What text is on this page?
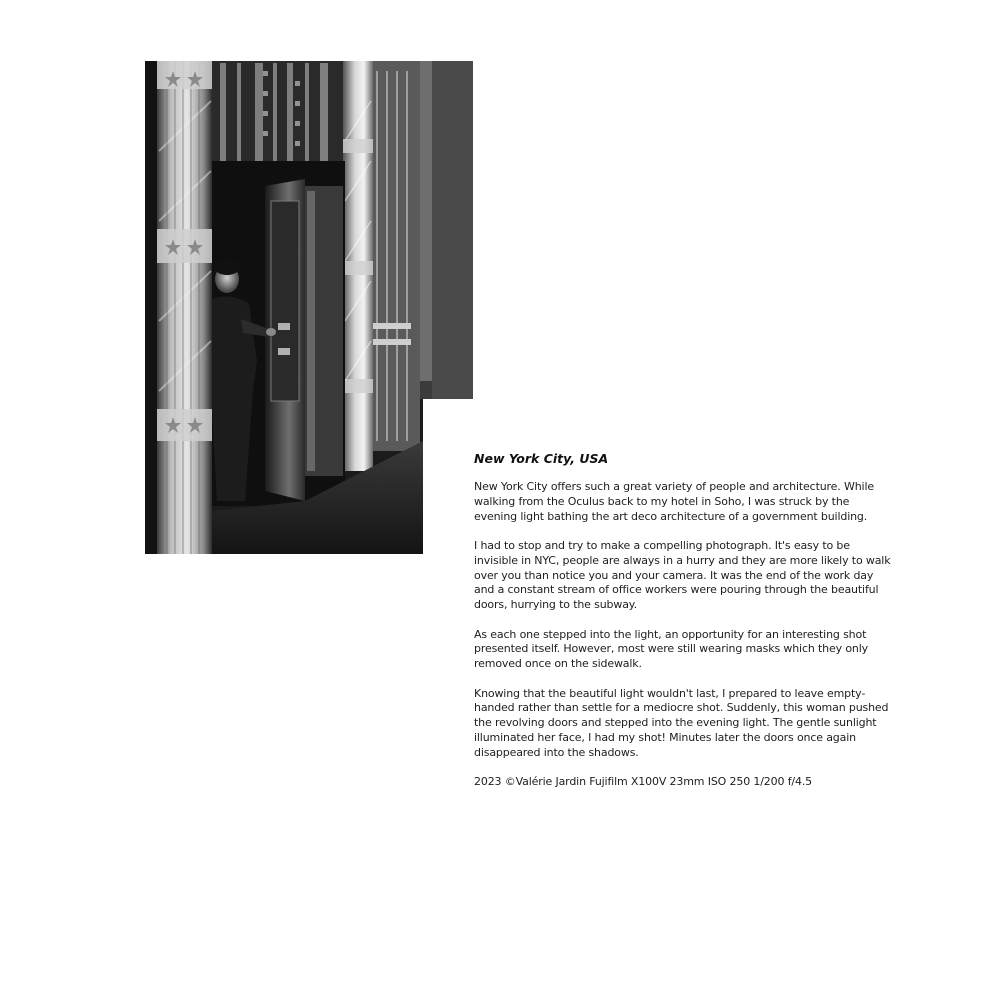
New York City, USA

New York City offers such a great variety of people and architecture. While walking from the Oculus back to my hotel in Soho, I was struck by the evening light bathing the art deco architecture of a government building.

I had to stop and try to make a compelling photograph. It's easy to be invisible in NYC, people are always in a hurry and they are more likely to walk over you than notice you and your camera. It was the end of the work day and a constant stream of office workers were pouring through the beautiful doors, hurrying to the subway.

As each one stepped into the light, an opportunity for an interesting shot presented itself. However, most were still wearing masks which they only removed once on the sidewalk.

Knowing that the beautiful light wouldn't last, I prepared to leave empty-handed rather than settle for a mediocre shot. Suddenly, this woman pushed the revolving doors and stepped into the evening light. The gentle sunlight illuminated her face, I had my shot! Minutes later the doors once again disappeared into the shadows.

2023 ©Valérie Jardin Fujifilm X100V 23mm ISO 250 1/200 f/4.5
